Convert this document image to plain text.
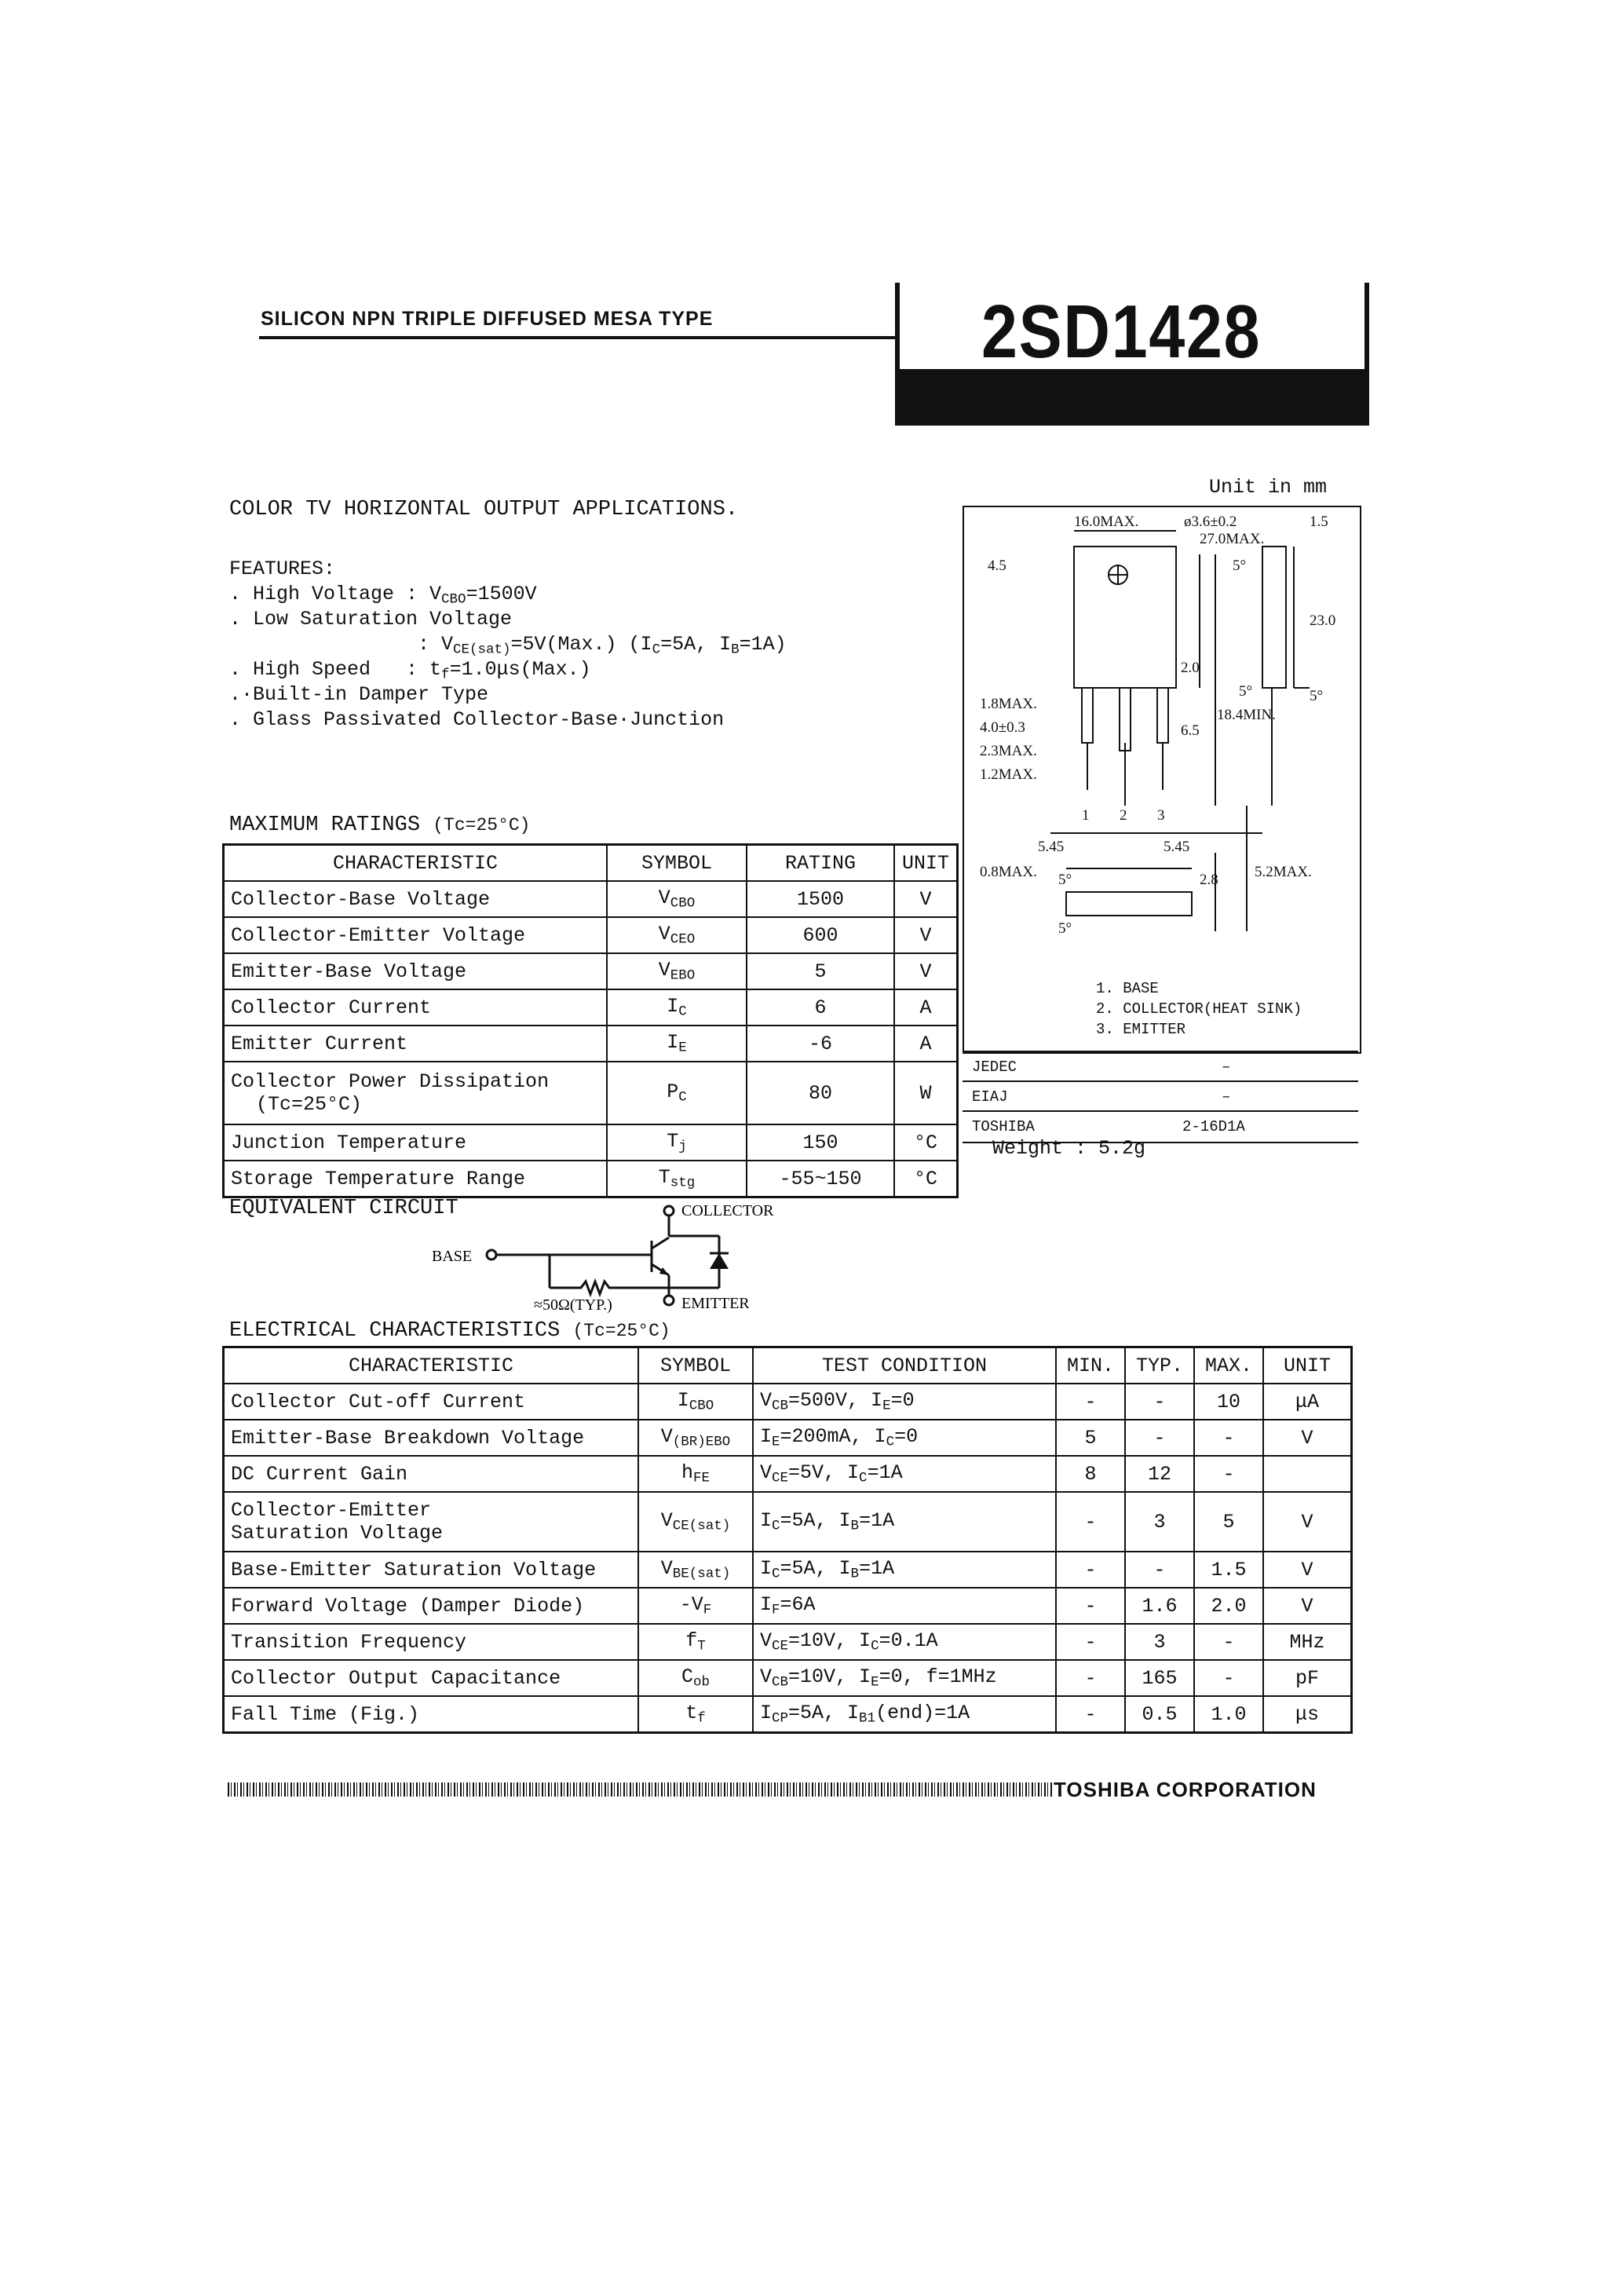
SILICON NPN TRIPLE DIFFUSED MESA TYPE	2SD1428
COLOR TV HORIZONTAL OUTPUT APPLICATIONS.
FEATURES:
. High Voltage : $V_{CBO}=1500V$
. Low Saturation Voltage
: $V_{CE(sat)}=5V(Max.)$ ($I_C=5A$, $I_B=1A$)
. High Speed   : $t_f=1.0\mu s(Max.)$
.·Built-in Damper Type
. Glass Passivated Collector-Base·Junction
MAXIMUM RATINGS (Tc=25°C)
CHARACTERISTIC	SYMBOL	RATING	UNIT

Collector-Base Voltage	$V_{CBO}$	1500	V

Collector-Emitter Voltage	$V_{CEO}$	600	V

Emitter-Base Voltage	$V_{EBO}$	5	V

Collector Current	$I_C$	6	A

Emitter Current	$I_E$	-6	A

Collector Power Dissipation
(Tc=25°C)	$P_C$	80	W

Junction Temperature	$T_j$	150	°C

Storage Temperature Range	$T_{stg}$	-55~150	°C
EQUIVALENT CIRCUIT	COLLECTOR
BASE
≈50Ω(TYP.)	EMITTER
ELECTRICAL CHARACTERISTICS (Tc=25°C)
CHARACTERISTIC	SYMBOL	TEST CONDITION	MIN.	TYP.	MAX.	UNIT

Collector Cut-off Current	$I_{CBO}$	$V_{CB}=500V$, $I_E=0$	-	-	10	μA

Emitter-Base Breakdown Voltage	$V_{(BR)EBO}$	$I_E=200mA$, $I_C=0$	5	-	-	V

DC Current Gain	$h_{FE}$	$V_{CE}=5V$, $I_C=1A$	8	12	-	

Collector-Emitter
Saturation Voltage	$V_{CE(sat)}$	$I_C=5A$, $I_B=1A$	-	3	5	V

Base-Emitter Saturation Voltage	$V_{BE(sat)}$	$I_C=5A$, $I_B=1A$	-	-	1.5	V

Forward Voltage (Damper Diode)	$-V_F$	$I_F=6A$	-	1.6	2.0	V

Transition Frequency	$f_T$	$V_{CE}=10V$, $I_C=0.1A$	-	3	-	MHz

Collector Output Capacitance	$C_{ob}$	$V_{CB}=10V$, $I_E=0$, f=1MHz	-	165	-	pF

Fall Time (Fig.)	$t_f$	$I_{CP}=5A$, $I_{B1}(end)=1A$	-	0.5	1.0	μs
Unit in mm
16.0MAX.	ø3.6±0.2	1.5
4.5	5°
23.0
27.0MAX.
2.0
6.5
18.4MIN.
5°	5°
1.8MAX.
4.0±0.3
2.3MAX.
1.2MAX.
1 2 3
5.45	5.45
0.8MAX.	2.8 5.2MAX.
5°
5°
1. BASE
2. COLLECTOR(HEAT SINK)
3. EMITTER
JEDEC	–
EIAJ	–
TOSHIBA	2-16D1A
Weight : 5.2g
TOSHIBA CORPORATION
